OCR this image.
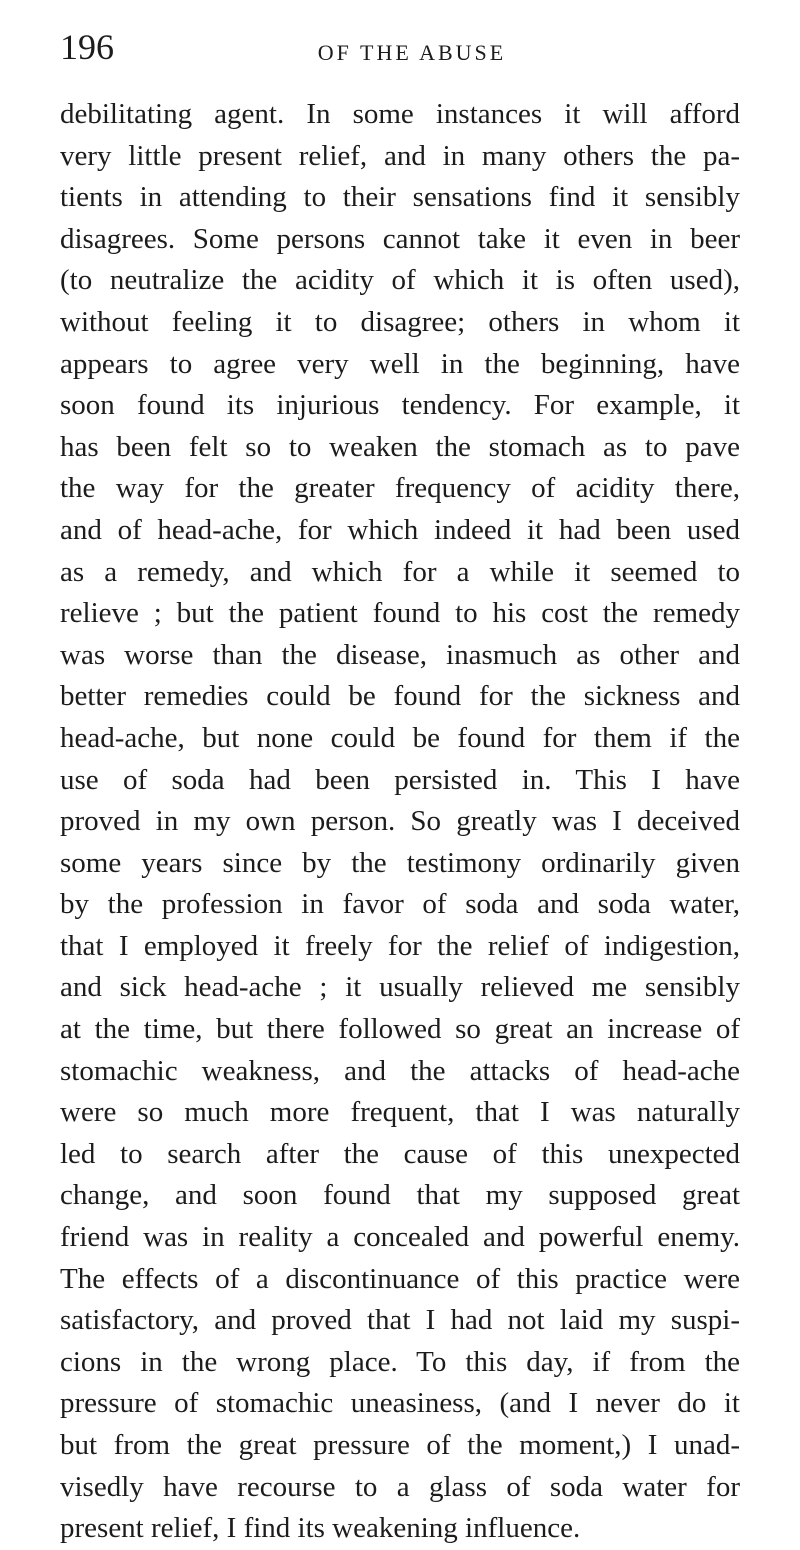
196	OF THE ABUSE
debilitating agent. In some instances it will afford
very little present relief, and in many others the pa-
tients in attending to their sensations find it sensibly
disagrees. Some persons cannot take it even in beer
(to neutralize the acidity of which it is often used),
without feeling it to disagree; others in whom it
appears to agree very well in the beginning, have
soon found its injurious tendency. For example, it
has been felt so to weaken the stomach as to pave
the way for the greater frequency of acidity there,
and of head-ache, for which indeed it had been used
as a remedy, and which for a while it seemed to
relieve ; but the patient found to his cost the remedy
was worse than the disease, inasmuch as other and
better remedies could be found for the sickness and
head-ache, but none could be found for them if the
use of soda had been persisted in. This I have
proved in my own person. So greatly was I deceived
some years since by the testimony ordinarily given
by the profession in favor of soda and soda water,
that I employed it freely for the relief of indigestion,
and sick head-ache ; it usually relieved me sensibly
at the time, but there followed so great an increase of
stomachic weakness, and the attacks of head-ache
were so much more frequent, that I was naturally
led to search after the cause of this unexpected
change, and soon found that my supposed great
friend was in reality a concealed and powerful enemy.
The effects of a discontinuance of this practice were
satisfactory, and proved that I had not laid my suspi-
cions in the wrong place. To this day, if from the
pressure of stomachic uneasiness, (and I never do it
but from the great pressure of the moment,) I unad-
visedly have recourse to a glass of soda water for
present relief, I find its weakening influence.
